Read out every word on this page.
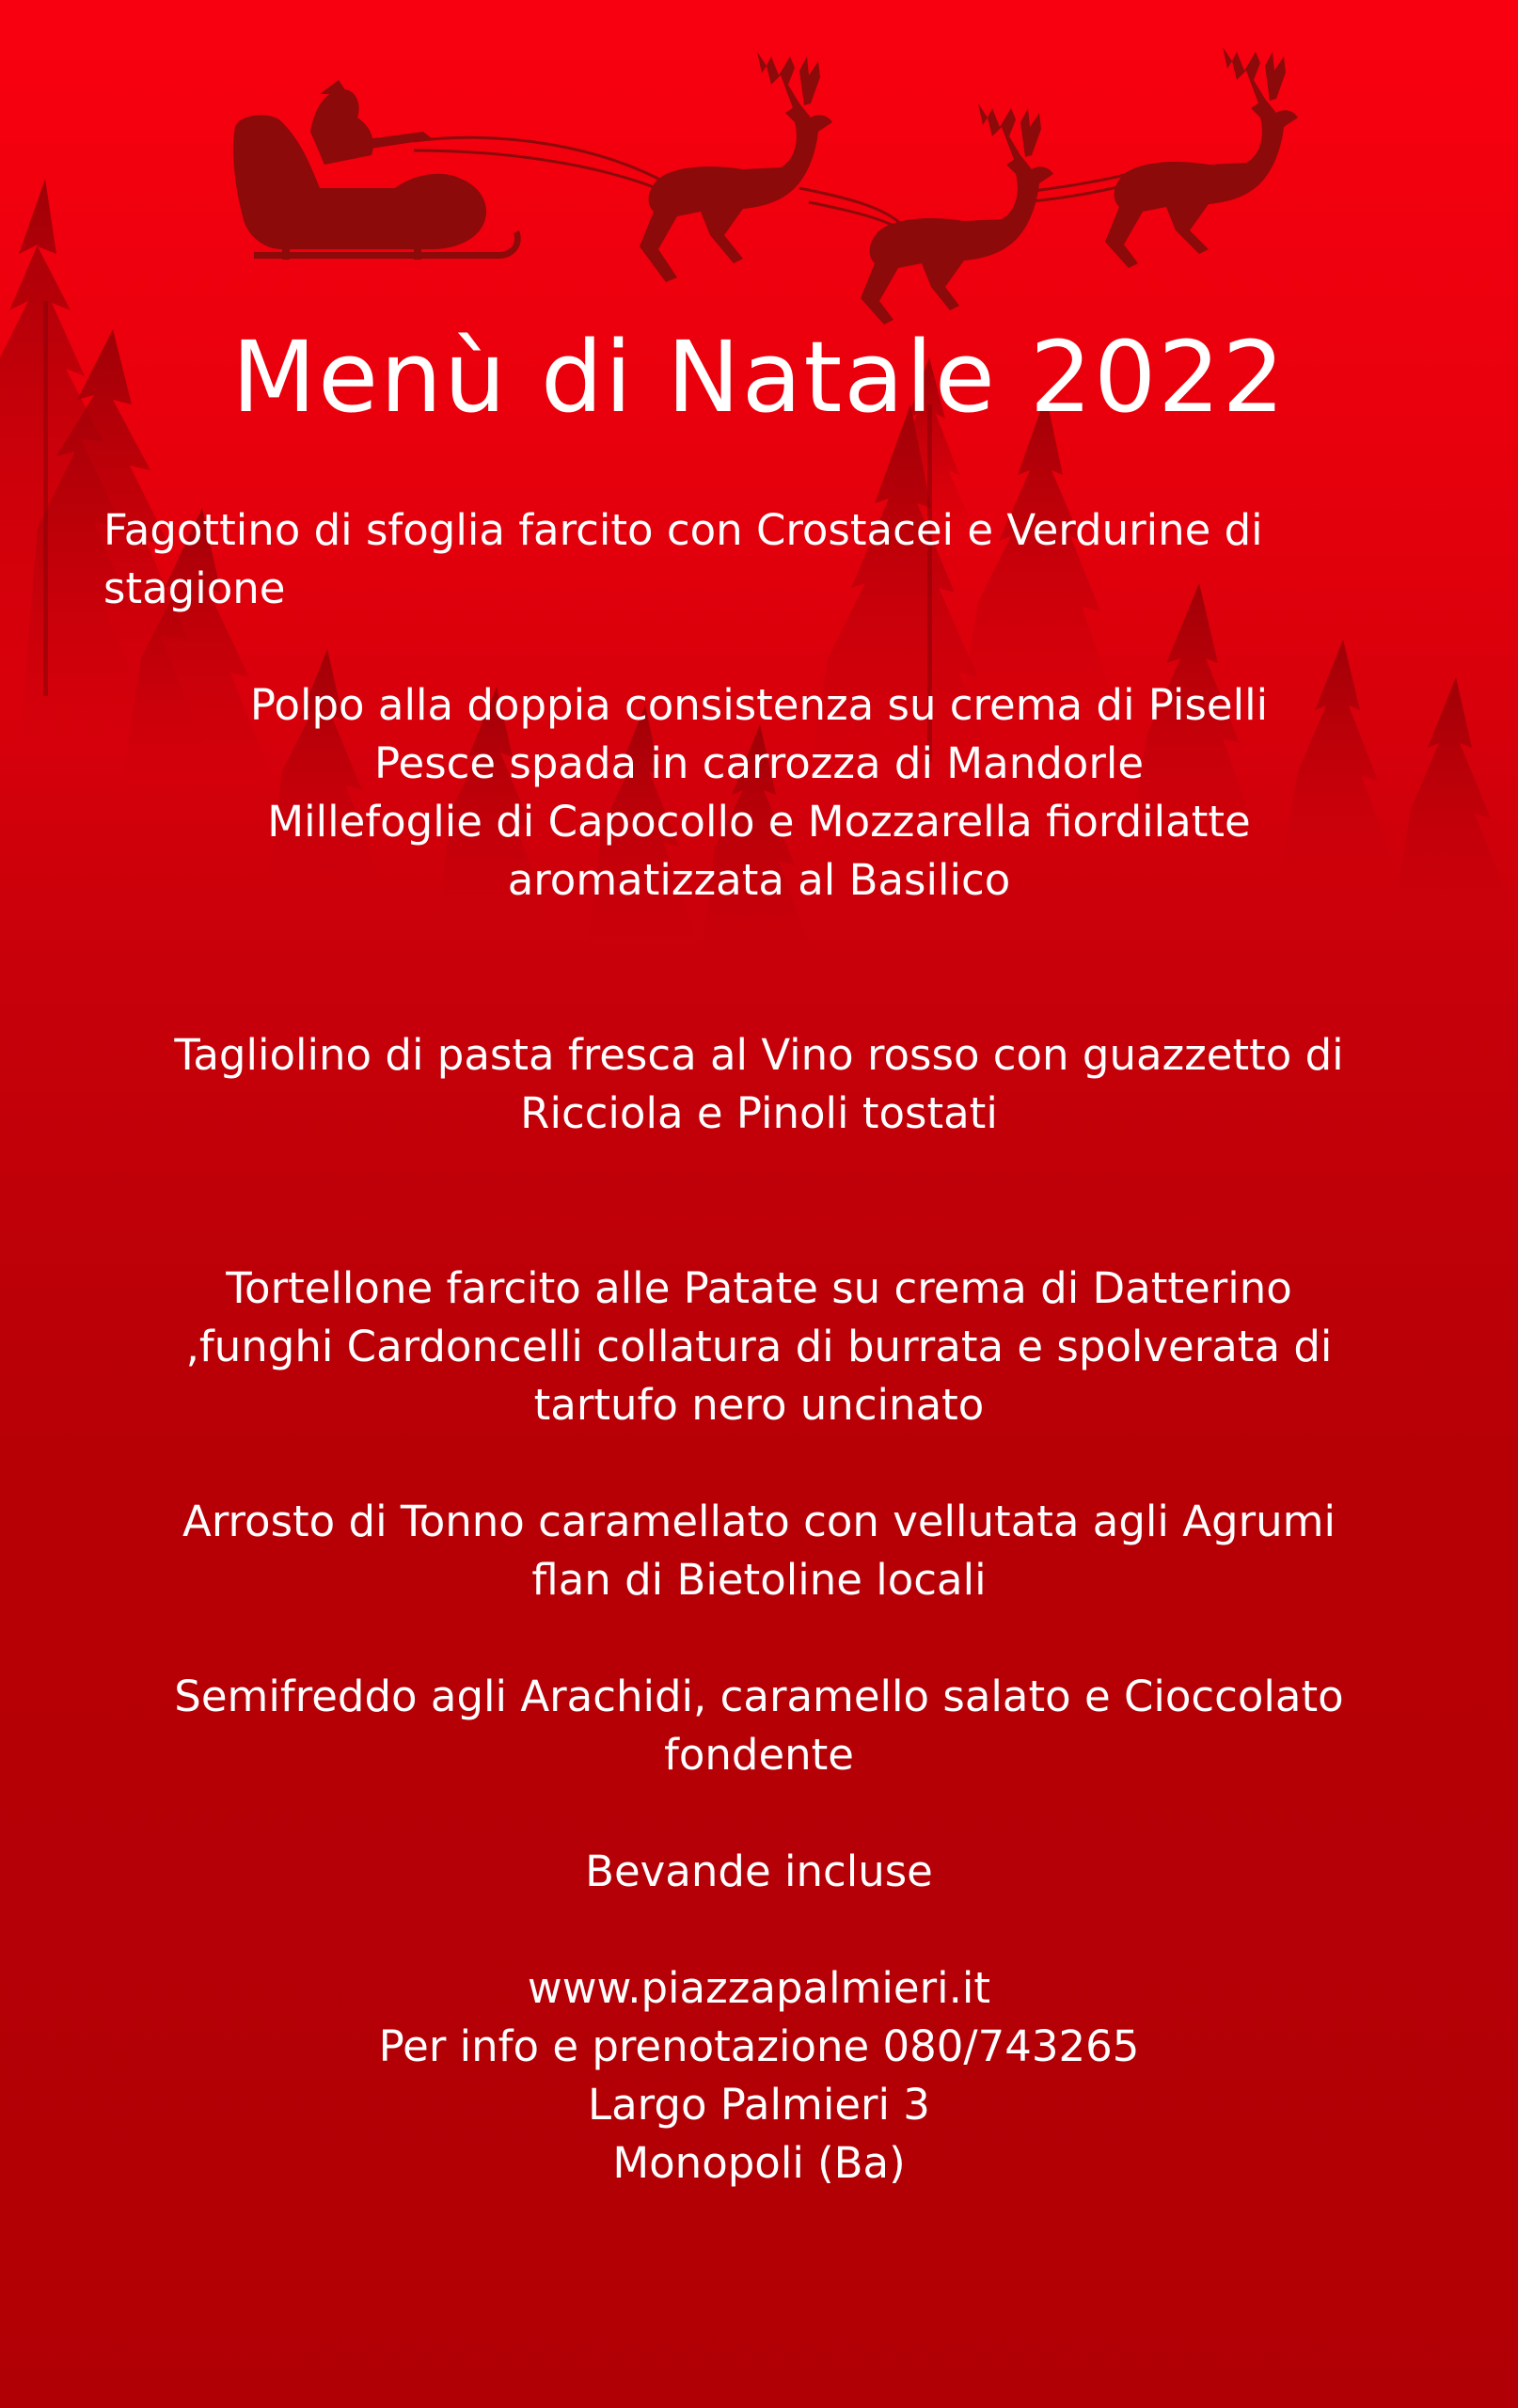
Menù di Natale 2022

Fagottino di sfoglia farcito con Crostacei e Verdurine di

stagione

Polpo alla doppia consistenza su crema di Piselli

Pesce spada in carrozza di Mandorle

Millefoglie di Capocollo e Mozzarella fiordilatte

aromatizzata al Basilico

Tagliolino di pasta fresca al Vino rosso con guazzetto di

Ricciola e Pinoli tostati

Tortellone farcito alle Patate su crema di Datterino

,funghi Cardoncelli collatura di burrata e spolverata di

tartufo nero uncinato

Arrosto di Tonno caramellato con vellutata agli Agrumi

flan di Bietoline locali

Semifreddo agli Arachidi, caramello salato e Cioccolato

fondente

Bevande incluse

www.piazzapalmieri.it

Per info e prenotazione 080/743265

Largo Palmieri 3

Monopoli (Ba)
